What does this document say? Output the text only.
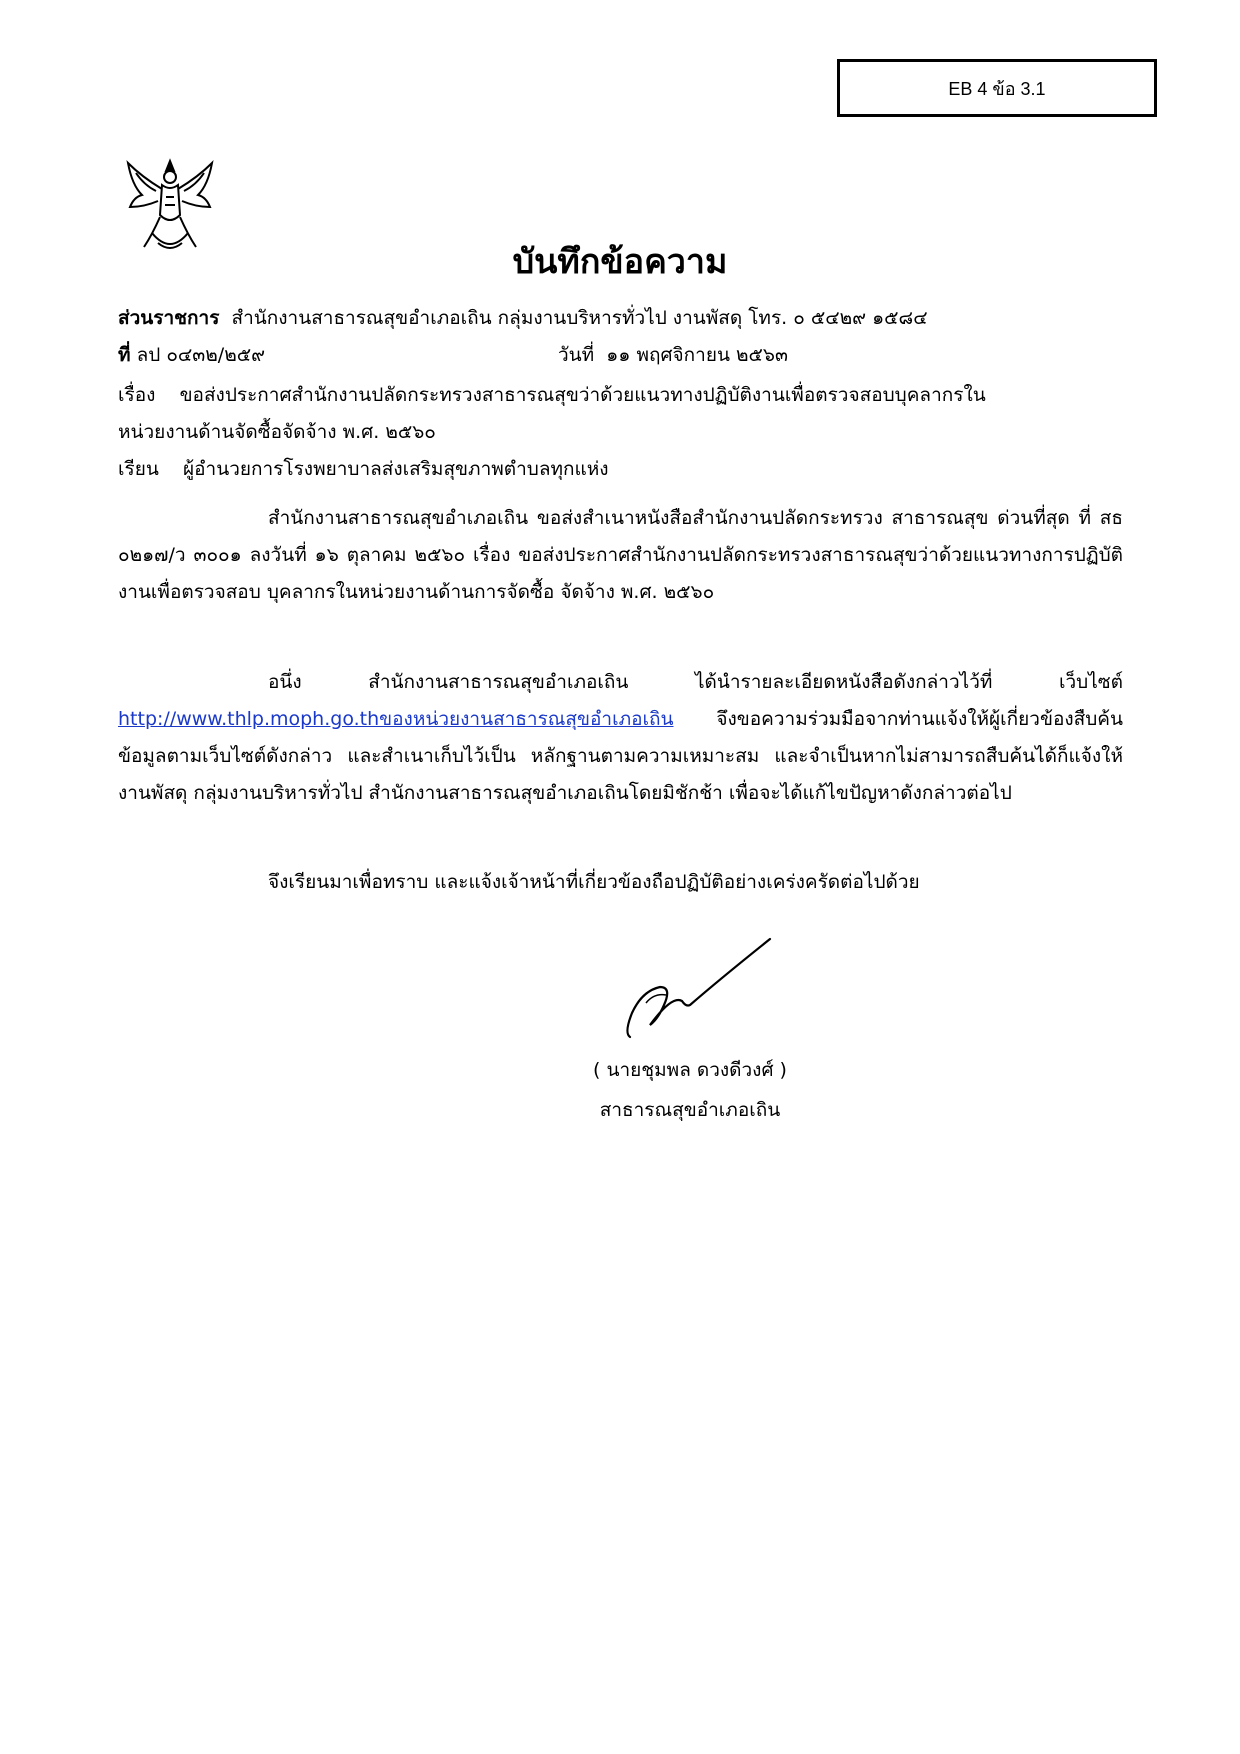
EB 4 ข้อ 3.1
บันทึกข้อความ
ส่วนราชการ สำนักงานสาธารณสุขอำเภอเถิน กลุ่มงานบริหารทั่วไป งานพัสดุ โทร. ๐ ๕๔๒๙ ๑๕๘๔
ที่ ลป ๐๔๓๒/๒๕๙	วันที่ ๑๑ พฤศจิกายน ๒๕๖๓
เรื่อง ขอส่งประกาศสำนักงานปลัดกระทรวงสาธารณสุขว่าด้วยแนวทางปฏิบัติงานเพื่อตรวจสอบบุคลากรใน
หน่วยงานด้านจัดซื้อจัดจ้าง พ.ศ. ๒๕๖๐
เรียน ผู้อำนวยการโรงพยาบาลส่งเสริมสุขภาพตำบลทุกแห่ง
สำนักงานสาธารณสุขอำเภอเถิน ขอส่งสำเนาหนังสือสำนักงานปลัดกระทรวง สาธารณสุข ด่วนที่สุด ที่ สธ ๐๒๑๗/ว ๓๐๐๑ ลงวันที่ ๑๖ ตุลาคม ๒๕๖๐ เรื่อง ขอส่งประกาศสำนักงานปลัดกระทรวงสาธารณสุขว่าด้วยแนวทางการปฏิบัติงานเพื่อตรวจสอบ บุคลากรในหน่วยงานด้านการจัดซื้อ จัดจ้าง พ.ศ. ๒๕๖๐
อนึ่ง สำนักงานสาธารณสุขอำเภอเถิน ได้นำรายละเอียดหนังสือดังกล่าวไว้ที่ เว็บไซต์ http://www.thlp.moph.go.thของหน่วยงานสาธารณสุขอำเภอเถิน จึงขอความร่วมมือจากท่านแจ้งให้ผู้เกี่ยวข้องสืบค้นข้อมูลตามเว็บไซต์ดังกล่าว และสำเนาเก็บไว้เป็น หลักฐานตามความเหมาะสม และจำเป็นหากไม่สามารถสืบค้นได้ก็แจ้งให้ งานพัสดุ กลุ่มงานบริหารทั่วไป สำนักงานสาธารณสุขอำเภอเถินโดยมิชักช้า เพื่อจะได้แก้ไขปัญหาดังกล่าวต่อไป
จึงเรียนมาเพื่อทราบ และแจ้งเจ้าหน้าที่เกี่ยวข้องถือปฏิบัติอย่างเคร่งครัดต่อไปด้วย
( นายชุมพล ดวงดีวงศ์ )
สาธารณสุขอำเภอเถิน
